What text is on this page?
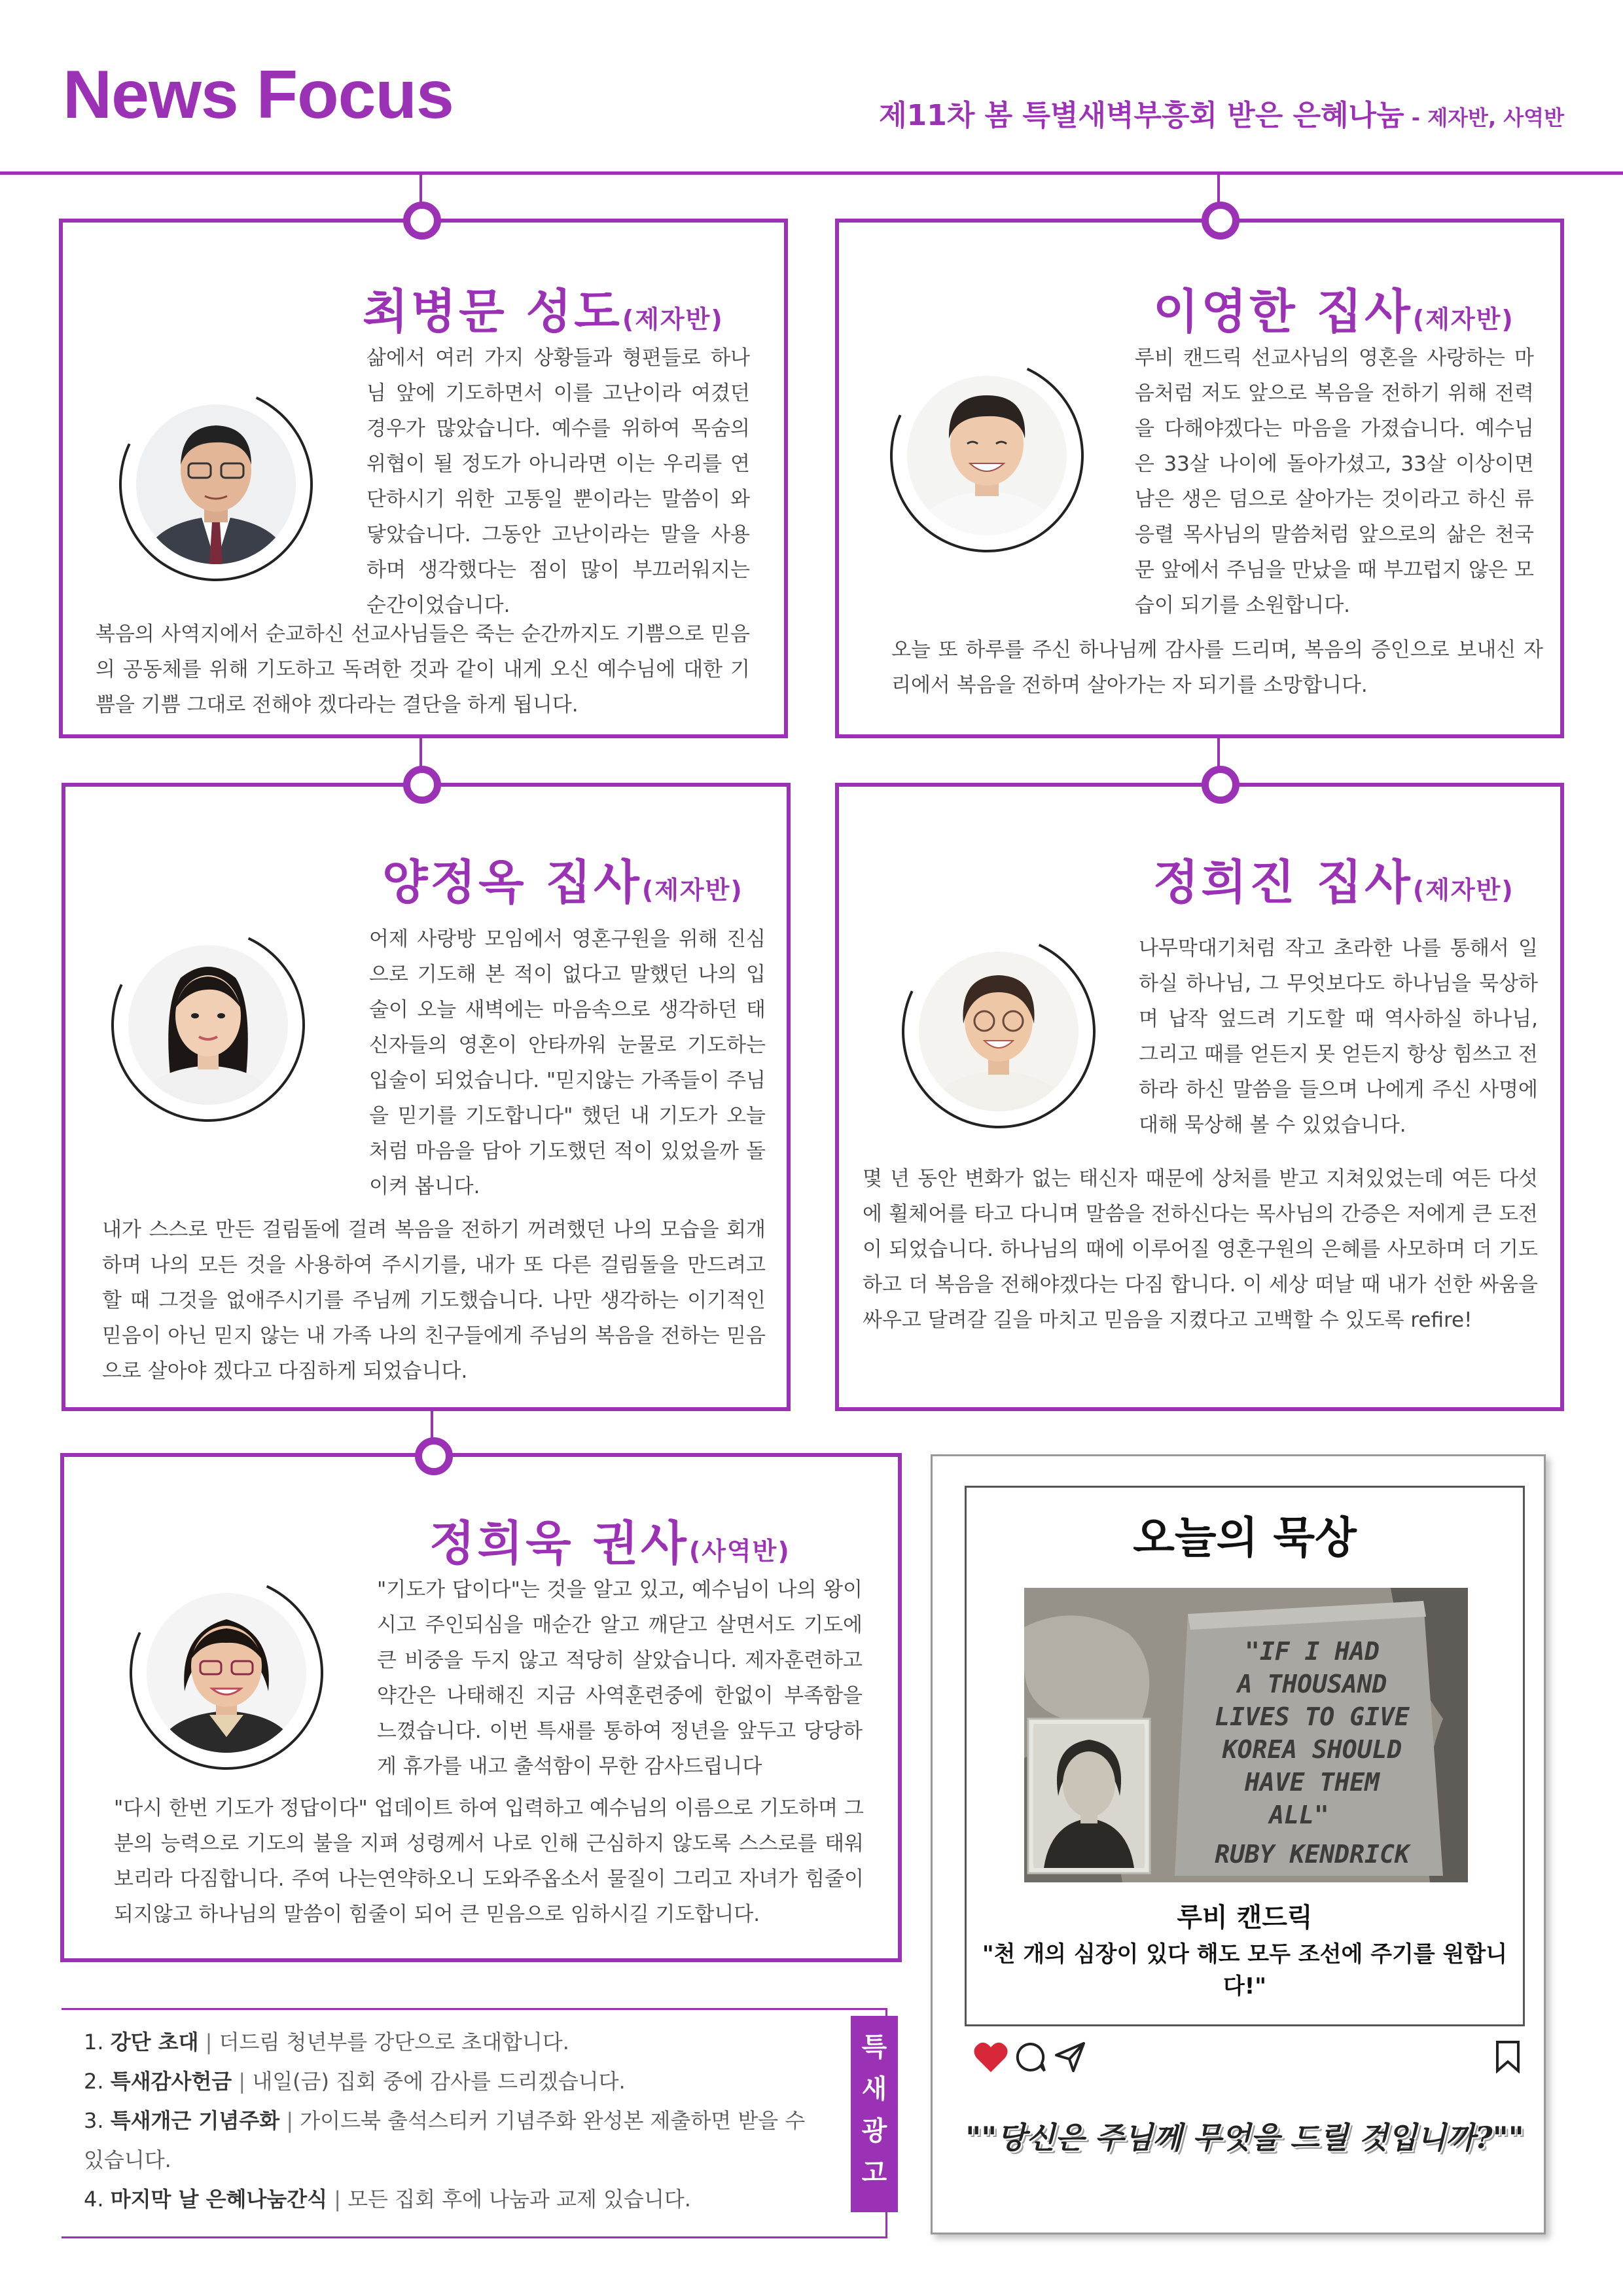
News Focus	제11차 봄 특별새벽부흥회 받은 은혜나눔 - 제자반, 사역반
최병문 성도(제자반)
삶에서 여러 가지 상황들과 형편들로 하나님 앞에 기도하면서 이를 고난이라 여겼던 경우가 많았습니다. 예수를 위하여 목숨의 위협이 될 정도가 아니라면 이는 우리를 연단하시기 위한 고통일 뿐이라는 말씀이 와닿았습니다. 그동안 고난이라는 말을 사용하며 생각했다는 점이 많이 부끄러워지는 순간이었습니다.
복음의 사역지에서 순교하신 선교사님들은 죽는 순간까지도 기쁨으로 믿음의 공동체를 위해 기도하고 독려한 것과 같이 내게 오신 예수님에 대한 기쁨을 기쁨 그대로 전해야 겠다라는 결단을 하게 됩니다.
이영한 집사(제자반)
루비 캔드릭 선교사님의 영혼을 사랑하는 마음처럼 저도 앞으로 복음을 전하기 위해 전력을 다해야겠다는 마음을 가졌습니다. 예수님은 33살 나이에 돌아가셨고, 33살 이상이면 남은 생은 덤으로 살아가는 것이라고 하신 류응렬 목사님의 말씀처럼 앞으로의 삶은 천국 문 앞에서 주님을 만났을 때 부끄럽지 않은 모습이 되기를 소원합니다.
오늘 또 하루를 주신 하나님께 감사를 드리며, 복음의 증인으로 보내신 자리에서 복음을 전하며 살아가는 자 되기를 소망합니다.
양정옥 집사(제자반)
어제 사랑방 모임에서 영혼구원을 위해 진심으로 기도해 본 적이 없다고 말했던 나의 입술이 오늘 새벽에는 마음속으로 생각하던 태신자들의 영혼이 안타까워 눈물로 기도하는 입술이 되었습니다. "믿지않는 가족들이 주님을 믿기를 기도합니다" 했던 내 기도가 오늘처럼 마음을 담아 기도했던 적이 있었을까 돌이켜 봅니다.
내가 스스로 만든 걸림돌에 걸려 복음을 전하기 꺼려했던 나의 모습을 회개하며 나의 모든 것을 사용하여 주시기를, 내가 또 다른 걸림돌을 만드려고 할 때 그것을 없애주시기를 주님께 기도했습니다. 나만 생각하는 이기적인 믿음이 아닌 믿지 않는 내 가족 나의 친구들에게 주님의 복음을 전하는 믿음으로 살아야 겠다고 다짐하게 되었습니다.
정희진 집사(제자반)
나무막대기처럼 작고 초라한 나를 통해서 일하실 하나님, 그 무엇보다도 하나님을 묵상하며 납작 엎드려 기도할 때 역사하실 하나님, 그리고 때를 얻든지 못 얻든지 항상 힘쓰고 전하라 하신 말씀을 들으며 나에게 주신 사명에 대해 묵상해 볼 수 있었습니다.
몇 년 동안 변화가 없는 태신자 때문에 상처를 받고 지쳐있었는데 여든 다섯에 휠체어를 타고 다니며 말씀을 전하신다는 목사님의 간증은 저에게 큰 도전이 되었습니다. 하나님의 때에 이루어질 영혼구원의 은혜를 사모하며 더 기도하고 더 복음을 전해야겠다는 다짐 합니다. 이 세상 떠날 때 내가 선한 싸움을 싸우고 달려갈 길을 마치고 믿음을 지켰다고 고백할 수 있도록 refire!
정희욱 권사(사역반)
"기도가 답이다"는 것을 알고 있고, 예수님이 나의 왕이시고 주인되심을 매순간 알고 깨닫고 살면서도 기도에 큰 비중을 두지 않고 적당히 살았습니다. 제자훈련하고 약간은 나태해진 지금 사역훈련중에 한없이 부족함을 느꼈습니다. 이번 특새를 통하여 정년을 앞두고 당당하게 휴가를 내고 출석함이 무한 감사드립니다
"다시 한번 기도가 정답이다" 업데이트 하여 입력하고 예수님의 이름으로 기도하며 그분의 능력으로 기도의 불을 지펴 성령께서 나로 인해 근심하지 않도록 스스로를 태워보리라 다짐합니다. 주여 나는연약하오니 도와주옵소서 물질이 그리고 자녀가 힘줄이 되지않고 하나님의 말씀이 힘줄이 되어 큰 믿음으로 임하시길 기도합니다.
오늘의 묵상
"IF I HAD
A THOUSAND
LIVES TO GIVE
KOREA SHOULD
HAVE THEM
ALL"
RUBY KENDRICK
루비 캔드릭
"천 개의 심장이 있다 해도 모두 조선에 주기를 원합니다!"
""당신은 주님께 무엇을 드릴 것입니까?""
1. 강단 초대 | 더드림 청년부를 강단으로 초대합니다.
2. 특새감사헌금 | 내일(금) 집회 중에 감사를 드리겠습니다.
3. 특새개근 기념주화 | 가이드북 출석스티커 기념주화 완성본 제출하면 받을 수 있습니다.
4. 마지막 날 은혜나눔간식 | 모든 집회 후에 나눔과 교제 있습니다.
특
새
광
고
